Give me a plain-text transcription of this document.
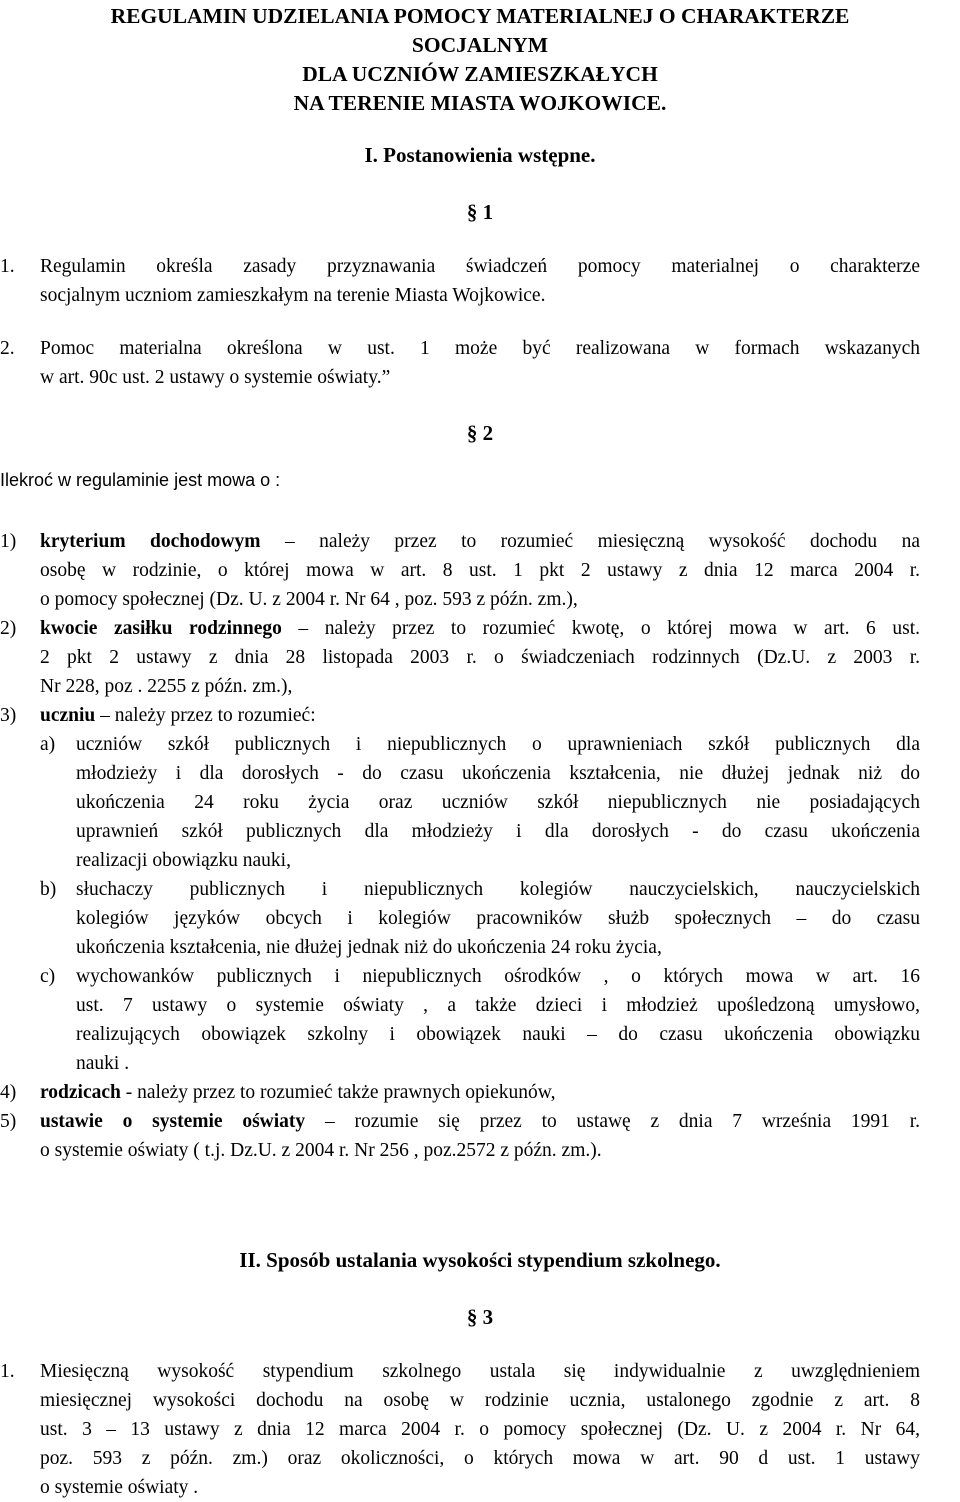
REGULAMIN UDZIELANIA POMOCY MATERIALNEJ O CHARAKTERZE
SOCJALNYM
DLA UCZNIÓW ZAMIESZKAŁYCH
NA TERENIE MIASTA WOJKOWICE.
I. Postanowienia wstępne.
§ 1
1.	Regulamin określa zasady przyznawania świadczeń pomocy materialnej o charakterze
socjalnym uczniom zamieszkałym na terenie Miasta Wojkowice.
2.	Pomoc materialna określona w ust. 1 może być realizowana w formach wskazanych
w art. 90c ust. 2 ustawy o systemie oświaty.”
§ 2
Ilekroć w regulaminie jest mowa o :
1)	kryterium dochodowym – należy przez to rozumieć miesięczną wysokość dochodu na
osobę w rodzinie, o której mowa w art. 8 ust. 1 pkt 2 ustawy z dnia 12 marca 2004 r.
o pomocy społecznej (Dz. U. z 2004 r. Nr 64 , poz. 593 z późn. zm.),
2)	kwocie zasiłku rodzinnego – należy przez to rozumieć kwotę, o której mowa w art. 6 ust.
2 pkt 2 ustawy z dnia 28 listopada 2003 r. o świadczeniach rodzinnych (Dz.U. z 2003 r.
Nr 228, poz . 2255 z późn. zm.),
3)	uczniu – należy przez to rozumieć:
a)	uczniów szkół publicznych i niepublicznych o uprawnieniach szkół publicznych dla
młodzieży i dla dorosłych - do czasu ukończenia kształcenia, nie dłużej jednak niż do
ukończenia 24 roku życia oraz uczniów szkół niepublicznych nie posiadających
uprawnień szkół publicznych dla młodzieży i dla dorosłych - do czasu ukończenia
realizacji obowiązku nauki,
b)	słuchaczy publicznych i niepublicznych kolegiów nauczycielskich, nauczycielskich
kolegiów języków obcych i kolegiów pracowników służb społecznych – do czasu
ukończenia kształcenia, nie dłużej jednak niż do ukończenia 24 roku życia,
c)	wychowanków publicznych i niepublicznych ośrodków , o których mowa w art. 16
ust. 7 ustawy o systemie oświaty , a także dzieci i młodzież upośledzoną umysłowo,
realizujących obowiązek szkolny i obowiązek nauki – do czasu ukończenia obowiązku
nauki .
4)	rodzicach - należy przez to rozumieć także prawnych opiekunów,
5)	ustawie o systemie oświaty – rozumie się przez to ustawę z dnia 7 września 1991 r.
o systemie oświaty ( t.j. Dz.U. z 2004 r. Nr 256 , poz.2572 z późn. zm.).
II. Sposób ustalania wysokości stypendium szkolnego.
§ 3
1.	Miesięczną wysokość stypendium szkolnego ustala się indywidualnie z uwzględnieniem
miesięcznej wysokości dochodu na osobę w rodzinie ucznia, ustalonego zgodnie z art. 8
ust. 3 – 13 ustawy z dnia 12 marca 2004 r. o pomocy społecznej (Dz. U. z 2004 r. Nr 64,
poz. 593 z późn. zm.) oraz okoliczności, o których mowa w art. 90 d ust. 1 ustawy
o systemie oświaty .
